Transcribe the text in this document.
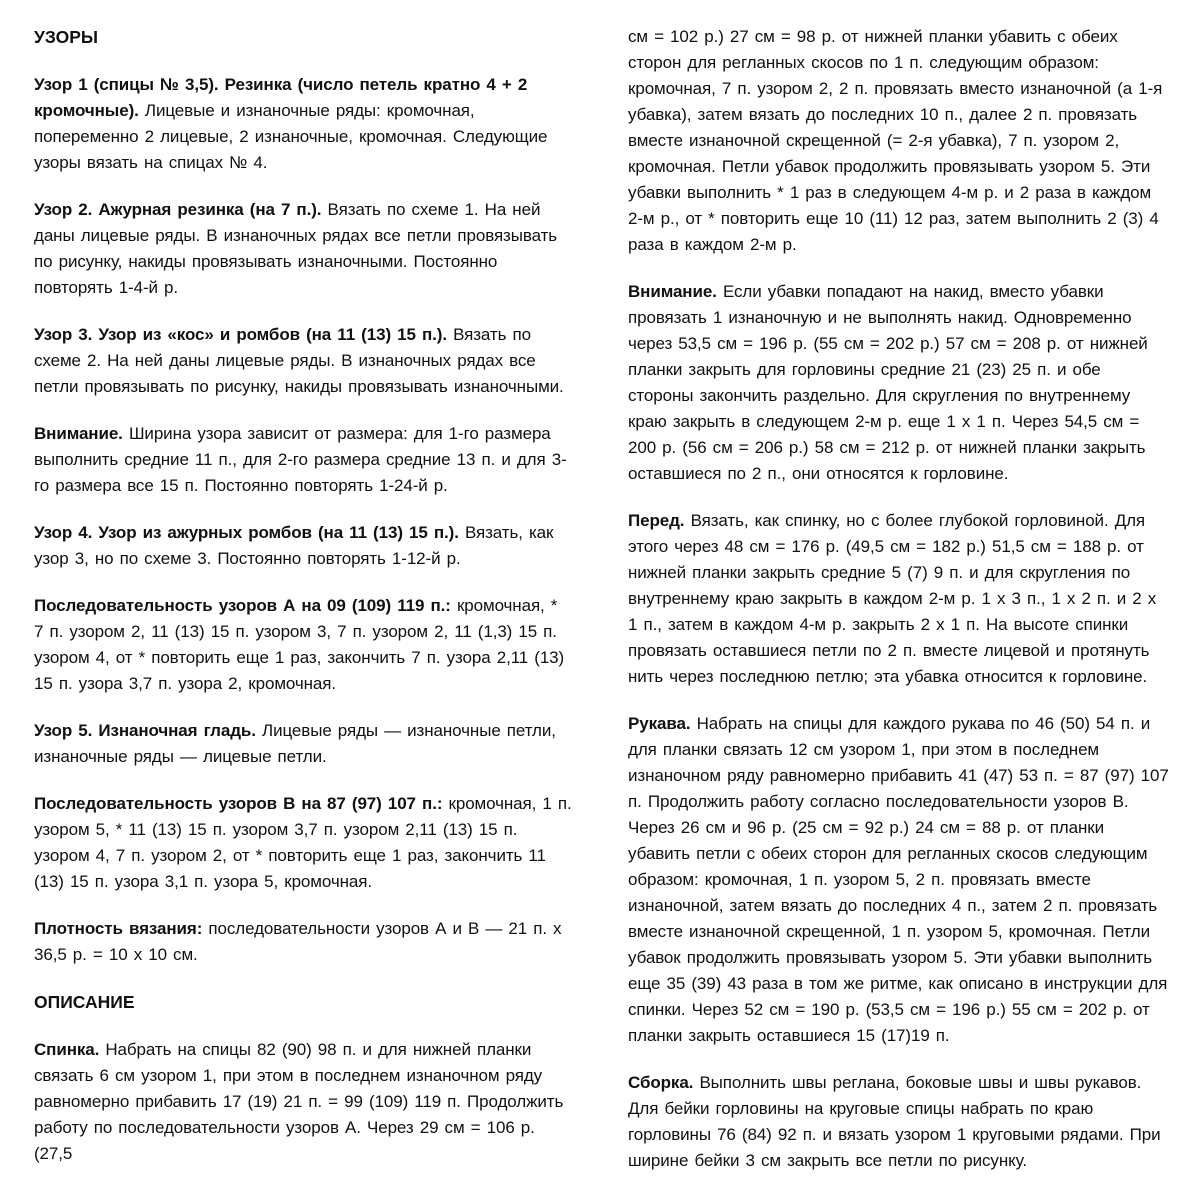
УЗОРЫ

Узор 1 (спицы № 3,5). Резинка (число петель кратно 4 + 2 кромочные). Лицевые и изнаночные ряды: кромочная, попеременно 2 лицевые, 2 изнаночные, кромочная. Следующие узоры вязать на спицах № 4.

Узор 2. Ажурная резинка (на 7 п.). Вязать по схеме 1. На ней даны лицевые ряды. В изнаночных рядах все петли провязывать по рисунку, накиды провязывать изнаночными. Постоянно повторять 1-4-й р.

Узор 3. Узор из «кос» и ромбов (на 11 (13) 15 п.). Вязать по схеме 2. На ней даны лицевые ряды. В изнаночных рядах все петли провязывать по рисунку, накиды провязывать изнаночными.

Внимание. Ширина узора зависит от размера: для 1-го размера выполнить средние 11 п., для 2-го размера средние 13 п. и для 3-го размера все 15 п. Постоянно повторять 1-24-й р.

Узор 4. Узор из ажурных ромбов (на 11 (13) 15 п.). Вязать, как узор 3, но по схеме 3. Постоянно повторять 1-12-й р.

Последовательность узоров А на 09 (109) 119 п.: кромочная, * 7 п. узором 2, 11 (13) 15 п. узором 3, 7 п. узором 2, 11 (1,3) 15 п. узором 4, от * повторить еще 1 раз, закончить 7 п. узора 2,11 (13) 15 п. узора 3,7 п. узора 2, кромочная.

Узор 5. Изнаночная гладь. Лицевые ряды — изнаночные петли, изнаночные ряды — лицевые петли.

Последовательность узоров В на 87 (97) 107 п.: кромочная, 1 п. узором 5, * 11 (13) 15 п. узором 3,7 п. узором 2,11 (13) 15 п. узором 4, 7 п. узором 2, от * повторить еще 1 раз, закончить 11 (13) 15 п. узора 3,1 п. узора 5, кромочная.

Плотность вязания: последовательности узоров А и В — 21 п. х 36,5 р. = 10 х 10 см.

ОПИСАНИЕ

Спинка. Набрать на спицы 82 (90) 98 п. и для нижней планки связать 6 см узором 1, при этом в последнем изнаночном ряду равномерно прибавить 17 (19) 21 п. = 99 (109) 119 п. Продолжить работу по последовательности узоров А. Через 29 см = 106 р. (27,5

см = 102 р.) 27 см = 98 р. от нижней планки убавить с обеих сторон для регланных скосов по 1 п. следующим образом: кромочная, 7 п. узором 2, 2 п. провязать вместо изнаночной (а 1-я убавка), затем вязать до последних 10 п., далее 2 п. провязать вместе изнаночной скрещенной (= 2-я убавка), 7 п. узором 2, кромочная. Петли убавок продолжить провязывать узором 5. Эти убавки выполнить * 1 раз в следующем 4-м р. и 2 раза в каждом 2-м р., от * повторить еще 10 (11) 12 раз, затем выполнить 2 (3) 4 раза в каждом 2-м р.

Внимание. Если убавки попадают на накид, вместо убавки провязать 1 изнаночную и не выполнять накид. Одновременно через 53,5 см = 196 р. (55 см = 202 р.) 57 см = 208 р. от нижней планки закрыть для горловины средние 21 (23) 25 п. и обе стороны закончить раздельно. Для скругления по внутреннему краю закрыть в следующем 2-м р. еще 1 х 1 п. Через 54,5 см = 200 р. (56 см = 206 р.) 58 см = 212 р. от нижней планки закрыть оставшиеся по 2 п., они относятся к горловине.

Перед. Вязать, как спинку, но с более глубокой горловиной. Для этого через 48 см = 176 р. (49,5 см = 182 р.) 51,5 см = 188 р. от нижней планки закрыть средние 5 (7) 9 п. и для скругления по внутреннему краю закрыть в каждом 2-м р. 1 х 3 п., 1 х 2 п. и 2 х 1 п., затем в каждом 4-м р. закрыть 2 х 1 п. На высоте спинки провязать оставшиеся петли по 2 п. вместе лицевой и протянуть нить через последнюю петлю; эта убавка относится к горловине.

Рукава. Набрать на спицы для каждого рукава по 46 (50) 54 п. и для планки связать 12 см узором 1, при этом в последнем изнаночном ряду равномерно прибавить 41 (47) 53 п. = 87 (97) 107 п. Продолжить работу согласно последовательности узоров В. Через 26 см и 96 р. (25 см = 92 р.) 24 см = 88 р. от планки убавить петли с обеих сторон для регланных скосов следующим образом: кромочная, 1 п. узором 5, 2 п. провязать вместе изнаночной, затем вязать до последних 4 п., затем 2 п. провязать вместе изнаночной скрещенной, 1 п. узором 5, кромочная. Петли убавок продолжить провязывать узором 5. Эти убавки выполнить еще 35 (39) 43 раза в том же ритме, как описано в инструкции для спинки. Через 52 см = 190 р. (53,5 см = 196 р.) 55 см = 202 р. от планки закрыть оставшиеся 15 (17)19 п.

Сборка. Выполнить швы реглана, боковые швы и швы рукавов. Для бейки горловины на круговые спицы набрать по краю горловины 76 (84) 92 п. и вязать узором 1 круговыми рядами. При ширине бейки 3 см закрыть все петли по рисунку.
